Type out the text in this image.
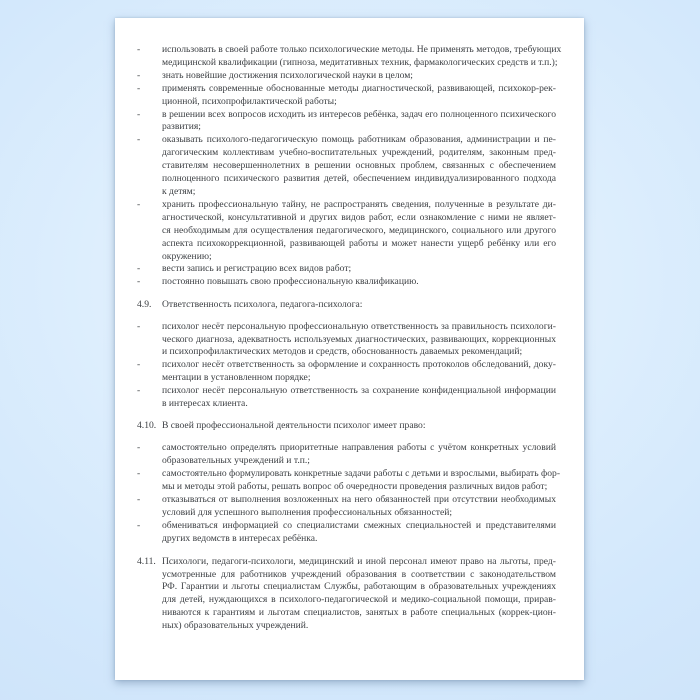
-	использовать в своей работе только психологические методы. Не применять методов, требующих
медицинской квалификации (гипноза, медитативных техник, фармакологических средств и т.п.);
-	знать новейшие достижения психологической науки в целом;
-	применять современные обоснованные методы диагностической, развивающей, психокор-рек-
ционной, психопрофилактической работы;
-	в решении всех вопросов исходить из интересов ребёнка, задач его полноценного психического
развития;
-	оказывать психолого-педагогическую помощь работникам образования, администрации и пе-
дагогическим коллективам учебно-воспитательных учреждений, родителям, законным пред-
ставителям несовершеннолетних в решении основных проблем, связанных с обеспечением
полноценного психического развития детей, обеспечением индивидуализированного подхода
к детям;
-	хранить профессиональную тайну, не распространять сведения, полученные в результате ди-
агностической, консультативной и других видов работ, если ознакомление с ними не являет-
ся необходимым для осуществления педагогического, медицинского, социального или другого
аспекта психокоррекционной, развивающей работы и может нанести ущерб ребёнку или его
окружению;
-	вести запись и регистрацию всех видов работ;
-	постоянно повышать свою профессиональную квалификацию.
4.9.	Ответственность психолога, педагога-психолога:
-	психолог несёт персональную профессиональную ответственность за правильность психологи-
ческого диагноза, адекватность используемых диагностических, развивающих, коррекционных
и психопрофилактических методов и средств, обоснованность даваемых рекомендаций;
-	психолог несёт ответственность за оформление и сохранность протоколов обследований, доку-
ментации в установленном порядке;
-	психолог несёт персональную ответственность за сохранение конфиденциальной информации
в интересах клиента.
4.10. В своей профессиональной деятельности психолог имеет право:
-	самостоятельно определять приоритетные направления работы с учётом конкретных условий
образовательных учреждений и т.п.;
-	самостоятельно формулировать конкретные задачи работы с детьми и взрослыми, выбирать фор-
мы и методы этой работы, решать вопрос об очередности проведения различных видов работ;
-	отказываться от выполнения возложенных на него обязанностей при отсутствии необходимых
условий для успешного выполнения профессиональных обязанностей;
-	обмениваться информацией со специалистами смежных специальностей и представителями
других ведомств в интересах ребёнка.
4.11. Психологи, педагоги-психологи, медицинский и иной персонал имеют право на льготы, пред-
усмотренные для работников учреждений образования в соответствии с законодательством
РФ. Гарантии и льготы специалистам Службы, работающим в образовательных учреждениях
для детей, нуждающихся в психолого-педагогической и медико-социальной помощи, прирав-
ниваются к гарантиям и льготам специалистов, занятых в работе специальных (коррек-цион-
ных) образовательных учреждений.
